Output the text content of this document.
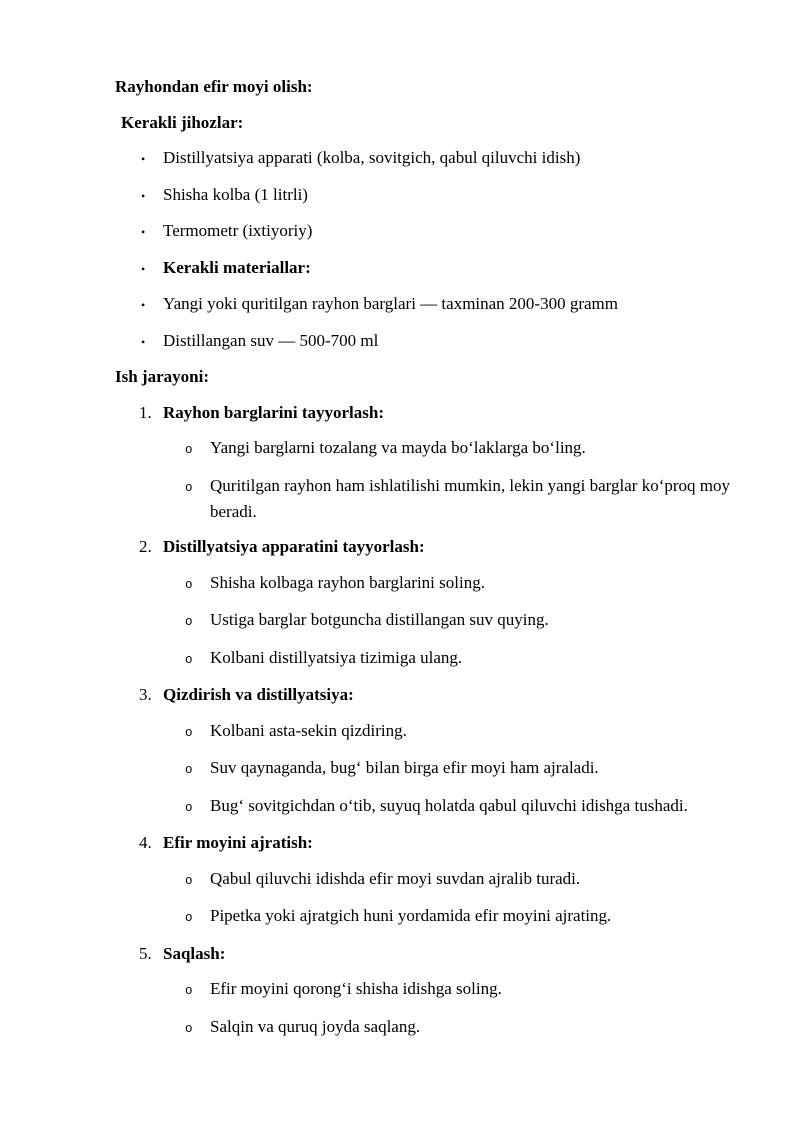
Rayhondan efir moyi olish:
Kerakli jihozlar:
•	Distillyatsiya apparati (kolba, sovitgich, qabul qiluvchi idish)
•	Shisha kolba (1 litrli)
•	Termometr (ixtiyoriy)
•	Kerakli materiallar:
•	Yangi yoki quritilgan rayhon barglari — taxminan 200-300 gramm
•	Distillangan suv — 500-700 ml
Ish jarayoni:
1. Rayhon barglarini tayyorlash:
o	Yangi barglarni tozalang va mayda bo‘laklarga bo‘ling.
o	Quritilgan rayhon ham ishlatilishi mumkin, lekin yangi barglar ko‘proq moy beradi.
2. Distillyatsiya apparatini tayyorlash:
o	Shisha kolbaga rayhon barglarini soling.
o	Ustiga barglar botguncha distillangan suv quying.
o	Kolbani distillyatsiya tizimiga ulang.
3. Qizdirish va distillyatsiya:
o	Kolbani asta-sekin qizdiring.
o	Suv qaynaganda, bug‘ bilan birga efir moyi ham ajraladi.
o	Bug‘ sovitgichdan o‘tib, suyuq holatda qabul qiluvchi idishga tushadi.
4. Efir moyini ajratish:
o	Qabul qiluvchi idishda efir moyi suvdan ajralib turadi.
o	Pipetka yoki ajratgich huni yordamida efir moyini ajrating.
5. Saqlash:
o	Efir moyini qorong‘i shisha idishga soling.
o	Salqin va quruq joyda saqlang.
